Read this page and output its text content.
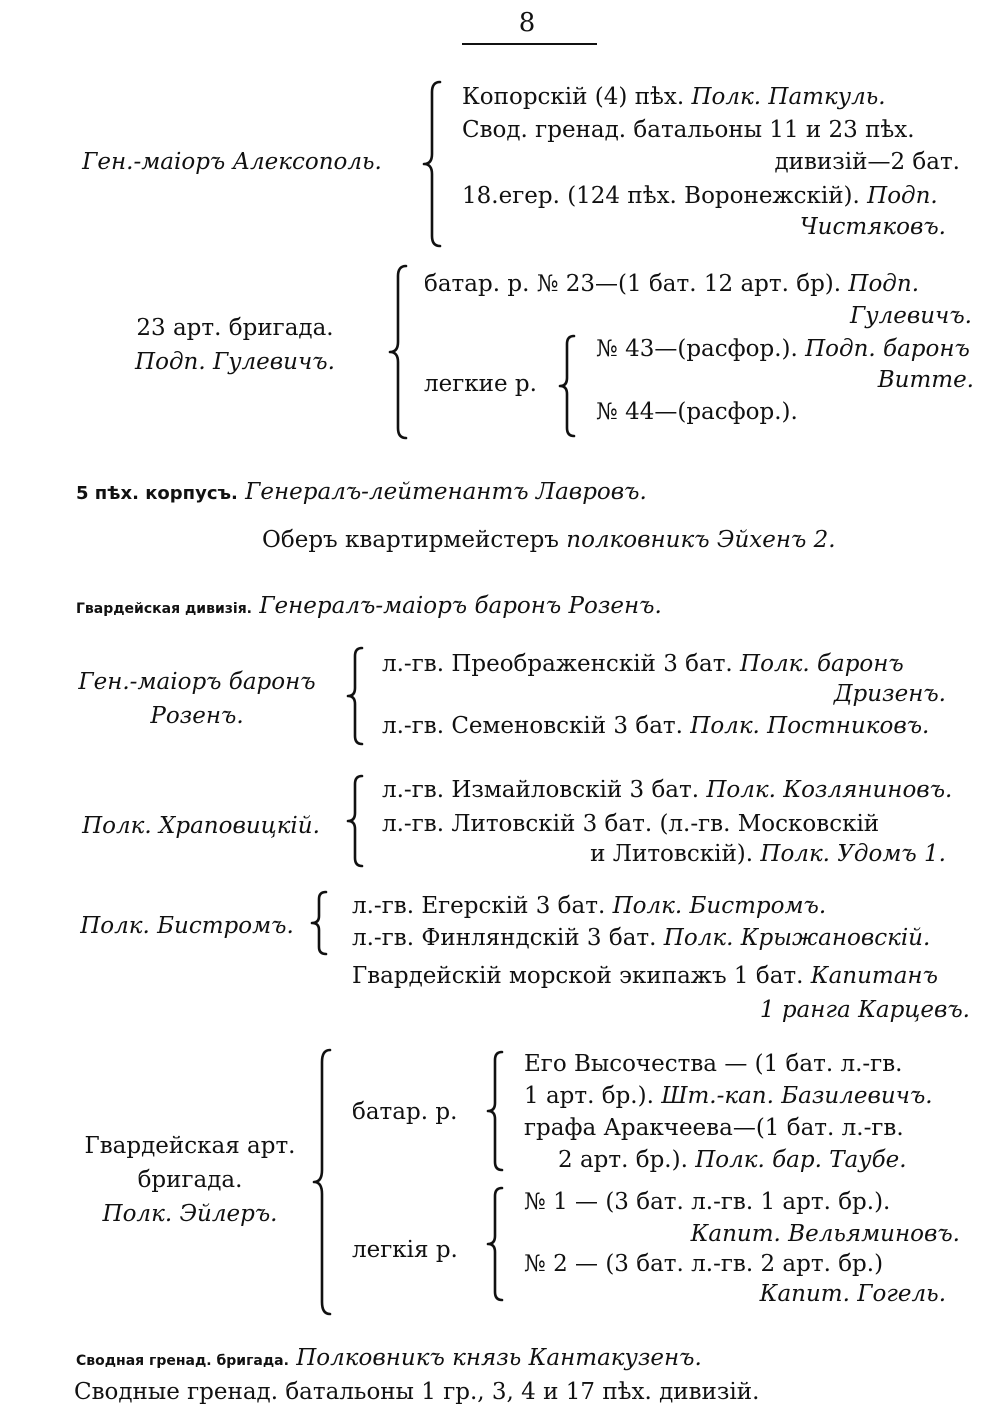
8
Ген.-маіоръ Алексополь.
Копорскій (4) пѣх. Полк. Паткуль.
Свод. гренад. батальоны 11 и 23 пѣх.
дивизій—2 бат.
18.егер. (124 пѣх. Воронежскій). Подп.
Чистяковъ.
23 арт. бригада.
Подп. Гулевичъ.
батар. р. № 23—(1 бат. 12 арт. бр). Подп.
Гулевичъ.
легкие р.
№ 43—(расфор.). Подп. баронъ
Витте.
№ 44—(расфор.).
5 пѣх. корпусъ. Генералъ-лейтенантъ Лавровъ.
Оберъ квартирмейстеръ полковникъ Эйхенъ 2.
Гвардейская дивизія. Генералъ-маіоръ баронъ Розенъ.
Ген.-маіоръ баронъ
Розенъ.
л.-гв. Преображенскій 3 бат. Полк. баронъ
Дризенъ.
л.-гв. Семеновскій 3 бат. Полк. Постниковъ.
Полк. Храповицкій.
л.-гв. Измайловскій 3 бат. Полк. Козляниновъ.
л.-гв. Литовскій 3 бат. (л.-гв. Московскій
и Литовскій). Полк. Удомъ 1.
Полк. Бистромъ.
л.-гв. Егерскій 3 бат. Полк. Бистромъ.
л.-гв. Финляндскій 3 бат. Полк. Крыжановскій.
Гвардейскій морской экипажъ 1 бат. Капитанъ
1 ранга Карцевъ.
Гвардейская арт.
бригада.
Полк. Эйлеръ.
батар. р.
Его Высочества — (1 бат. л.-гв.
1 арт. бр.). Шт.-кап. Базилевичъ.
графа Аракчеева—(1 бат. л.-гв.
2 арт. бр.). Полк. бар. Таубе.
легкія р.
№ 1 — (3 бат. л.-гв. 1 арт. бр.).
Капит. Вельяминовъ.
№ 2 — (3 бат. л.-гв. 2 арт. бр.)
Капит. Гогель.
Сводная гренад. бригада. Полковникъ князь Кантакузенъ.
Сводные гренад. батальоны 1 гр., 3, 4 и 17 пѣх. дивизій.
